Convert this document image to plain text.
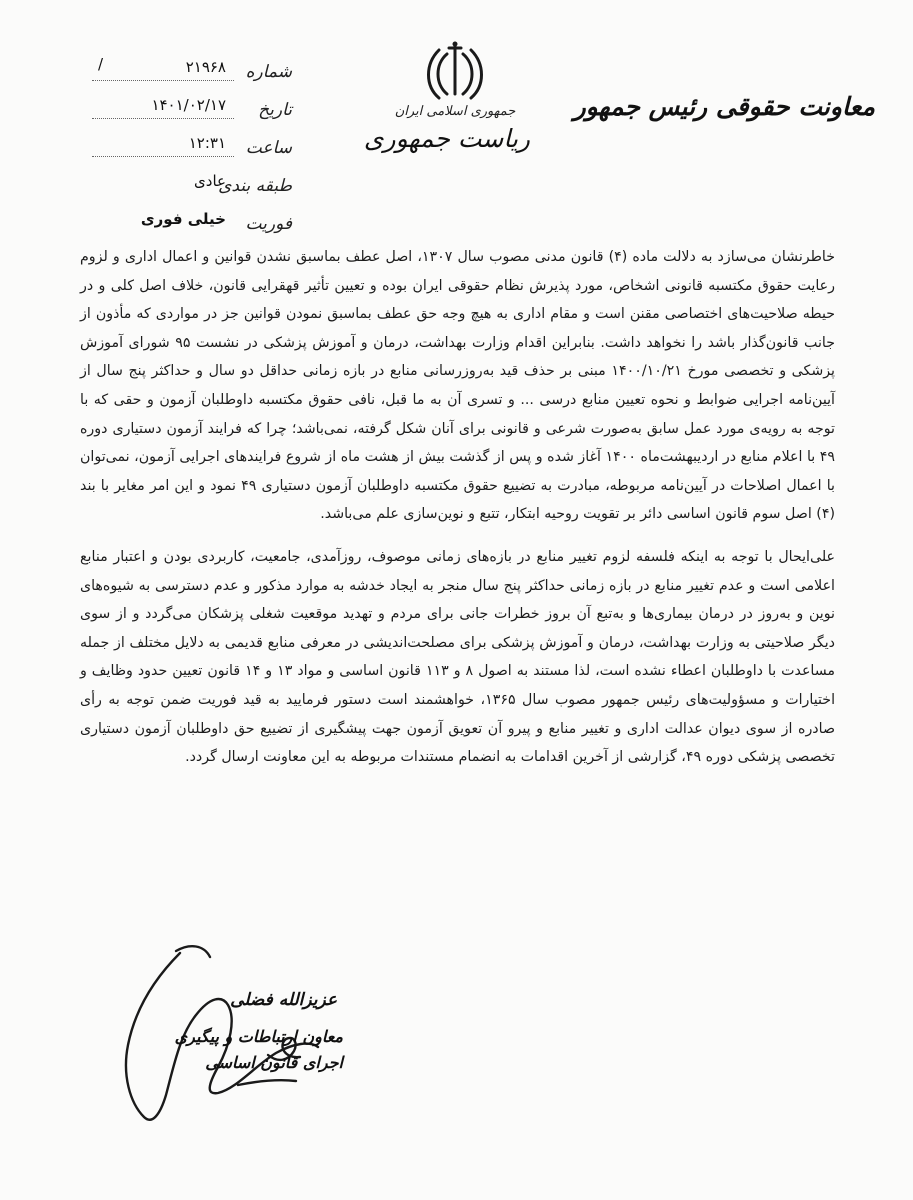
معاونت حقوقی رئیس جمهور
جمهوری اسلامی ایران
ریاست جمهوری
شماره
۲۱۹۶۸
/
تاریخ
۱۴۰۱/۰۲/۱۷
ساعت
۱۲:۳۱
طبقه بندی
عادی
فوریت
خیلی فوری

خاطرنشان می‌سازد به دلالت ماده (۴) قانون مدنی مصوب سال ۱۳۰۷، اصل عطف بماسبق نشدن قوانین و اعمال اداری و لزوم رعایت حقوق مکتسبه قانونی اشخاص، مورد پذیرش نظام حقوقی ایران بوده و تعیین تأثیر قهقرایی قانون، خلاف اصل کلی و در حیطه صلاحیت‌های اختصاصی مقنن است و مقام اداری به هیچ وجه حق عطف بماسبق نمودن قوانین جز در مواردی که مأذون از جانب قانون‌گذار باشد را نخواهد داشت. بنابراین اقدام وزارت بهداشت، درمان و آموزش پزشکی در نشست ۹۵ شورای آموزش پزشکی و تخصصی مورخ ۱۴۰۰/۱۰/۲۱ مبنی بر حذف قید به‌روزرسانی منابع در بازه زمانی حداقل دو سال و حداکثر پنج سال از آیین‌نامه اجرایی ضوابط و نحوه تعیین منابع درسی ... و تسری آن به ما قبل، نافی حقوق مکتسبه داوطلبان آزمون و حقی که با توجه به رویه‌ی مورد عمل سابق به‌صورت شرعی و قانونی برای آنان شکل گرفته، نمی‌باشد؛ چرا که فرایند آزمون دستیاری دوره ۴۹ با اعلام منابع در اردیبهشت‌ماه ۱۴۰۰ آغاز شده و پس از گذشت بیش از هشت ماه از شروع فرایندهای اجرایی آزمون، نمی‌توان با اعمال اصلاحات در آیین‌نامه مربوطه، مبادرت به تضییع حقوق مکتسبه داوطلبان آزمون دستیاری ۴۹ نمود و این امر مغایر با بند (۴) اصل سوم قانون اساسی دائر بر تقویت روحیه ابتکار، تتبع و نوین‌سازی علم می‌باشد.

علی‌ایحال با توجه به اینکه فلسفه لزوم تغییر منابع در بازه‌های زمانی موصوف، روزآمدی، جامعیت، کاربردی بودن و اعتبار منابع اعلامی است و عدم تغییر منابع در بازه زمانی حداکثر پنج سال منجر به ایجاد خدشه به موارد مذکور و عدم دسترسی به شیوه‌های نوین و به‌روز در درمان بیماری‌ها و به‌تبع آن بروز خطرات جانی برای مردم و تهدید موقعیت شغلی پزشکان می‌گردد و از سوی دیگر صلاحیتی به وزارت بهداشت، درمان و آموزش پزشکی برای مصلحت‌اندیشی در معرفی منابع قدیمی به دلایل مختلف از جمله مساعدت با داوطلبان اعطاء نشده است، لذا مستند به اصول ۸ و ۱۱۳ قانون اساسی و مواد ۱۳ و ۱۴ قانون تعیین حدود وظایف و اختیارات و مسؤولیت‌های رئیس جمهور مصوب سال ۱۳۶۵، خواهشمند است دستور فرمایید به قید فوریت ضمن توجه به رأی صادره از سوی دیوان عدالت اداری و تغییر منابع و پیرو آن تعویق آزمون جهت پیشگیری از تضییع حق داوطلبان آزمون دستیاری تخصصی پزشکی دوره ۴۹، گزارشی از آخرین اقدامات به انضمام مستندات مربوطه به این معاونت ارسال گردد.

عزیزالله فضلی
معاون ارتباطات و پیگیری
اجرای قانون اساسی
